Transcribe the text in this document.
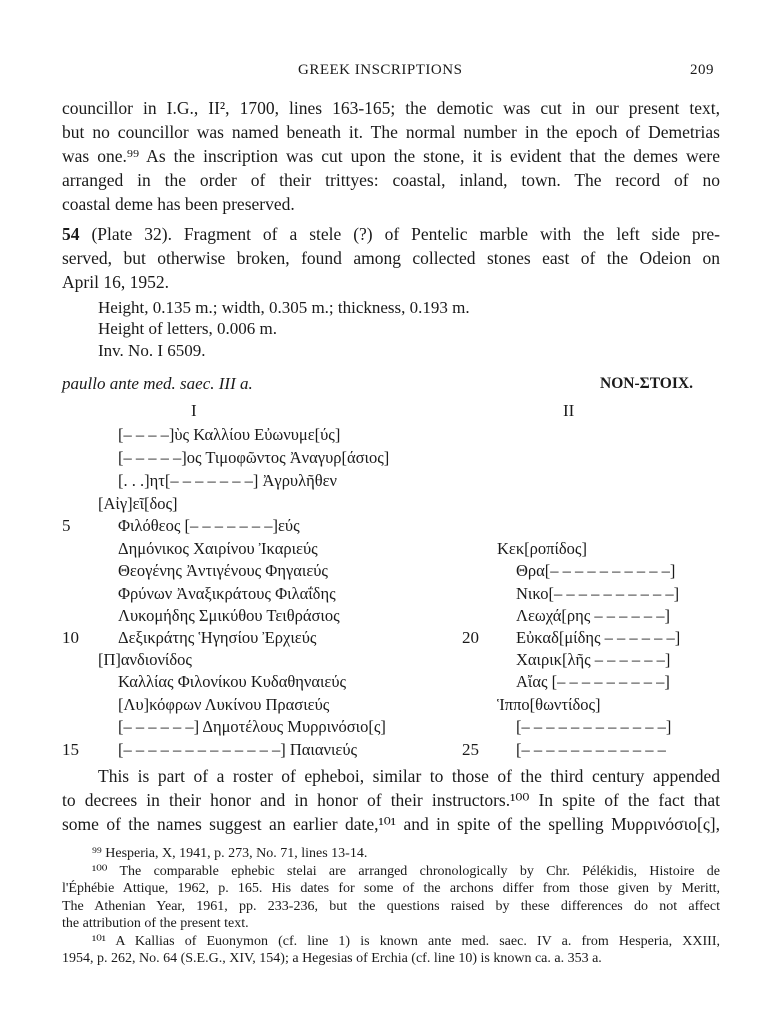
GREEK INSCRIPTIONS	209
councillor in I.G., II², 1700, lines 163-165; the demotic was cut in our present text,
but no councillor was named beneath it. The normal number in the epoch of Demetrias
was one.⁹⁹ As the inscription was cut upon the stone, it is evident that the demes were
arranged in the order of their trittyes: coastal, inland, town. The record of no
coastal deme has been preserved.
54 (Plate 32). Fragment of a stele (?) of Pentelic marble with the left side pre-
served, but otherwise broken, found among collected stones east of the Odeion on
April 16, 1952.
Height, 0.135 m.; width, 0.305 m.; thickness, 0.193 m.
Height of letters, 0.006 m.
Inv. No. I 6509.
paullo ante med. saec. III a.	NON-ΣΤΟΙΧ.
I	II
[– – – –]ὺς Καλλίου Εὐωνυμε[ύς]
[– – – – –]ος Τιμοφῶντος Ἀναγυρ[άσιος]
[. . .]ητ[– – – – – – –] Ἀγρυλῆθεν
[Αἰγ]εῖ[δος]
5	Φιλόθεος [– – – – – – –]εύς
Δημόνικος Χαιρίνου Ἰκαριεύς
Θεογένης Ἀντιγένους Φηγαιεύς
Φρύνων Ἀναξικράτους Φιλαΐδης
Λυκομήδης Σμικύθου Τειθράσιος
10 Δεξικράτης Ἡγησίου Ἐρχιεύς
[Π]ανδιονίδος
Καλλίας Φιλονίκου Κυδαθηναιεύς
[Λυ]κόφρων Λυκίνου Πρασιεύς
[– – – – – –] Δημοτέλους Μυρρινόσιο[ς]
15 [– – – – – – – – – – – – –] Παιανιεύς
Κεκ[ροπίδος]
Θρα[– – – – – – – – – –]
Νικο[– – – – – – – – – –]
Λεωχά[ρης – – – – – –]
20 Εὐκαδ[μίδης – – – – – –]
Χαιρικ[λῆς – – – – – –]
Αἴας [– – – – – – – – –]
Ἱππο[θωντίδος]
[– – – – – – – – – – – –]
25 [– – – – – – – – – – – –
This is part of a roster of epheboi, similar to those of the third century appended
to decrees in their honor and in honor of their instructors.¹⁰⁰ In spite of the fact that
some of the names suggest an earlier date,¹⁰¹ and in spite of the spelling Μυρρινόσιο[ς],
⁹⁹ Hesperia, X, 1941, p. 273, No. 71, lines 13-14.
¹⁰⁰ The comparable ephebic stelai are arranged chronologically by Chr. Pélékidis, Histoire de
l'Éphébie Attique, 1962, p. 165. His dates for some of the archons differ from those given by Meritt,
The Athenian Year, 1961, pp. 233-236, but the questions raised by these differences do not affect
the attribution of the present text.
¹⁰¹ A Kallias of Euonymon (cf. line 1) is known ante med. saec. IV a. from Hesperia, XXIII,
1954, p. 262, No. 64 (S.E.G., XIV, 154); a Hegesias of Erchia (cf. line 10) is known ca. a. 353 a.
